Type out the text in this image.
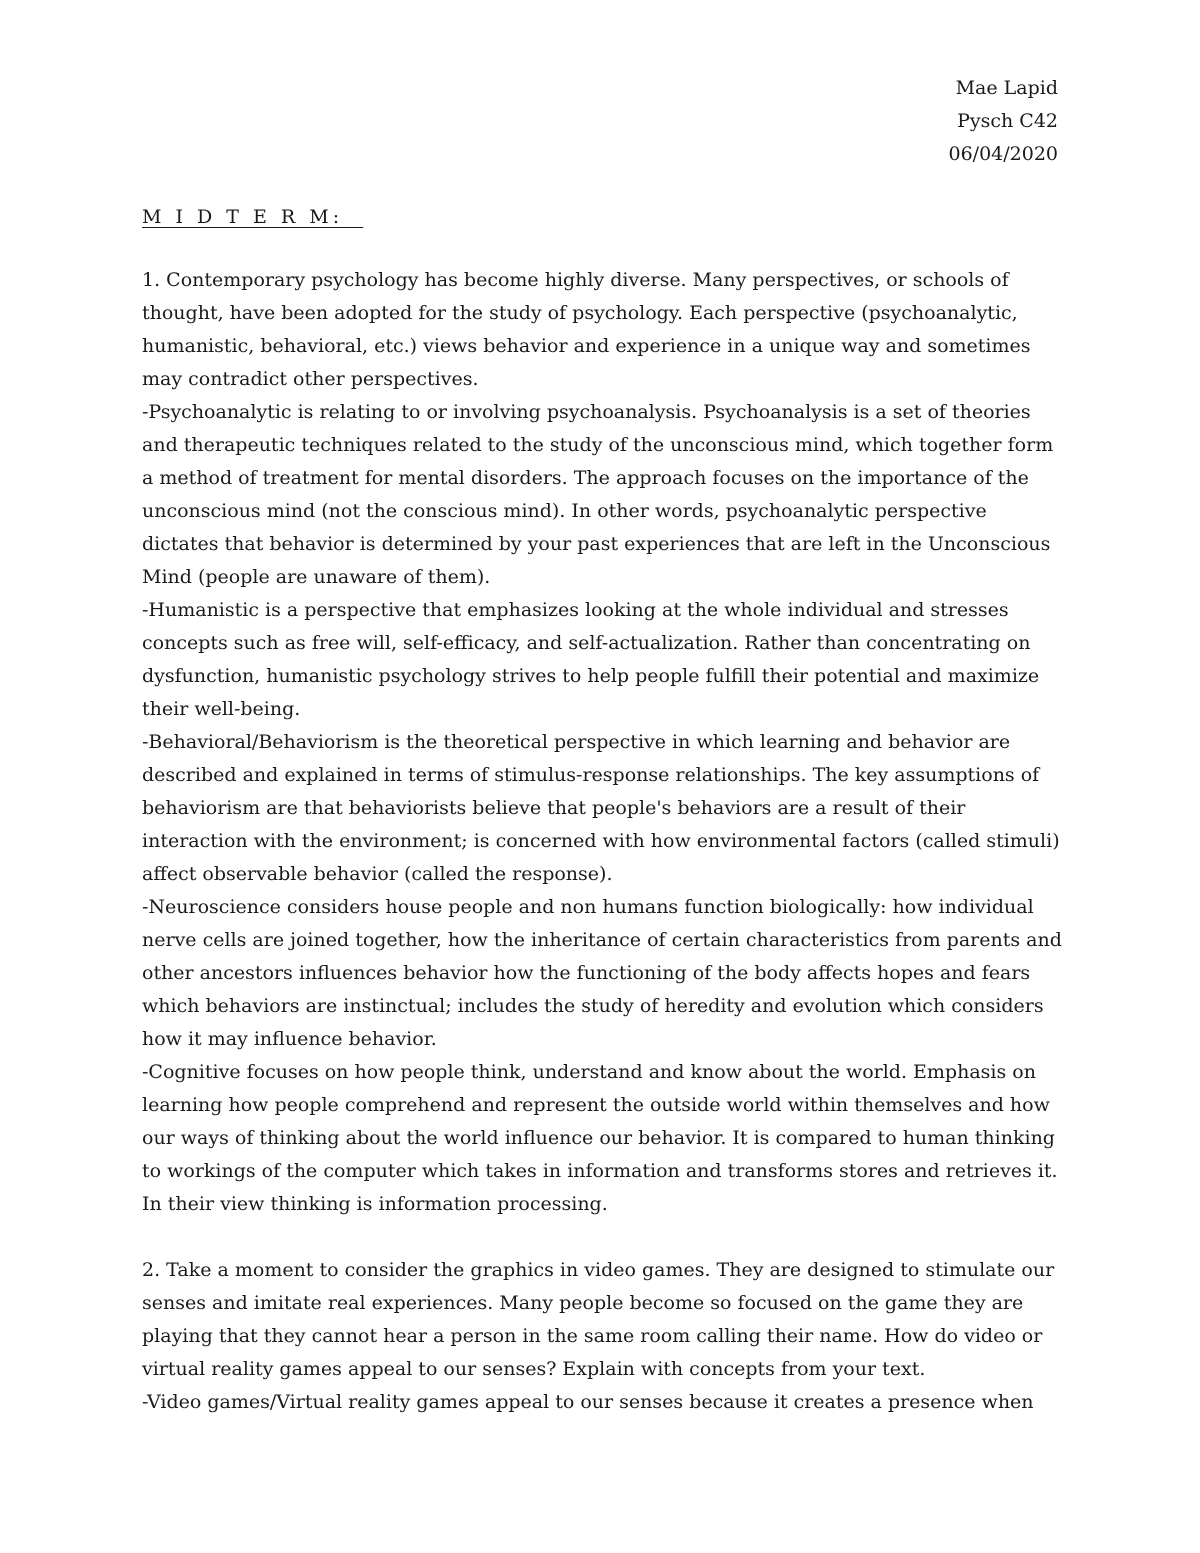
Mae Lapid
Pysch C42
06/04/2020
M I D T E R M:
1. Contemporary psychology has become highly diverse. Many perspectives, or schools of
thought, have been adopted for the study of psychology. Each perspective (psychoanalytic,
humanistic, behavioral, etc.) views behavior and experience in a unique way and sometimes
may contradict other perspectives.
-Psychoanalytic is relating to or involving psychoanalysis. Psychoanalysis is a set of theories
and therapeutic techniques related to the study of the unconscious mind, which together form
a method of treatment for mental disorders. The approach focuses on the importance of the
unconscious mind (not the conscious mind). In other words, psychoanalytic perspective
dictates that behavior is determined by your past experiences that are left in the Unconscious
Mind (people are unaware of them).
-Humanistic is a perspective that emphasizes looking at the whole individual and stresses
concepts such as free will, self-efficacy, and self-actualization. Rather than concentrating on
dysfunction, humanistic psychology strives to help people fulfill their potential and maximize
their well-being.
-Behavioral/Behaviorism is the theoretical perspective in which learning and behavior are
described and explained in terms of stimulus-response relationships. The key assumptions of
behaviorism are that behaviorists believe that people's behaviors are a result of their
interaction with the environment; is concerned with how environmental factors (called stimuli)
affect observable behavior (called the response).
-Neuroscience considers house people and non humans function biologically: how individual
nerve cells are joined together, how the inheritance of certain characteristics from parents and
other ancestors influences behavior how the functioning of the body affects hopes and fears
which behaviors are instinctual; includes the study of heredity and evolution which considers
how it may influence behavior.
-Cognitive focuses on how people think, understand and know about the world. Emphasis on
learning how people comprehend and represent the outside world within themselves and how
our ways of thinking about the world influence our behavior. It is compared to human thinking
to workings of the computer which takes in information and transforms stores and retrieves it.
In their view thinking is information processing.
2. Take a moment to consider the graphics in video games. They are designed to stimulate our
senses and imitate real experiences. Many people become so focused on the game they are
playing that they cannot hear a person in the same room calling their name. How do video or
virtual reality games appeal to our senses? Explain with concepts from your text.
-Video games/Virtual reality games appeal to our senses because it creates a presence when
